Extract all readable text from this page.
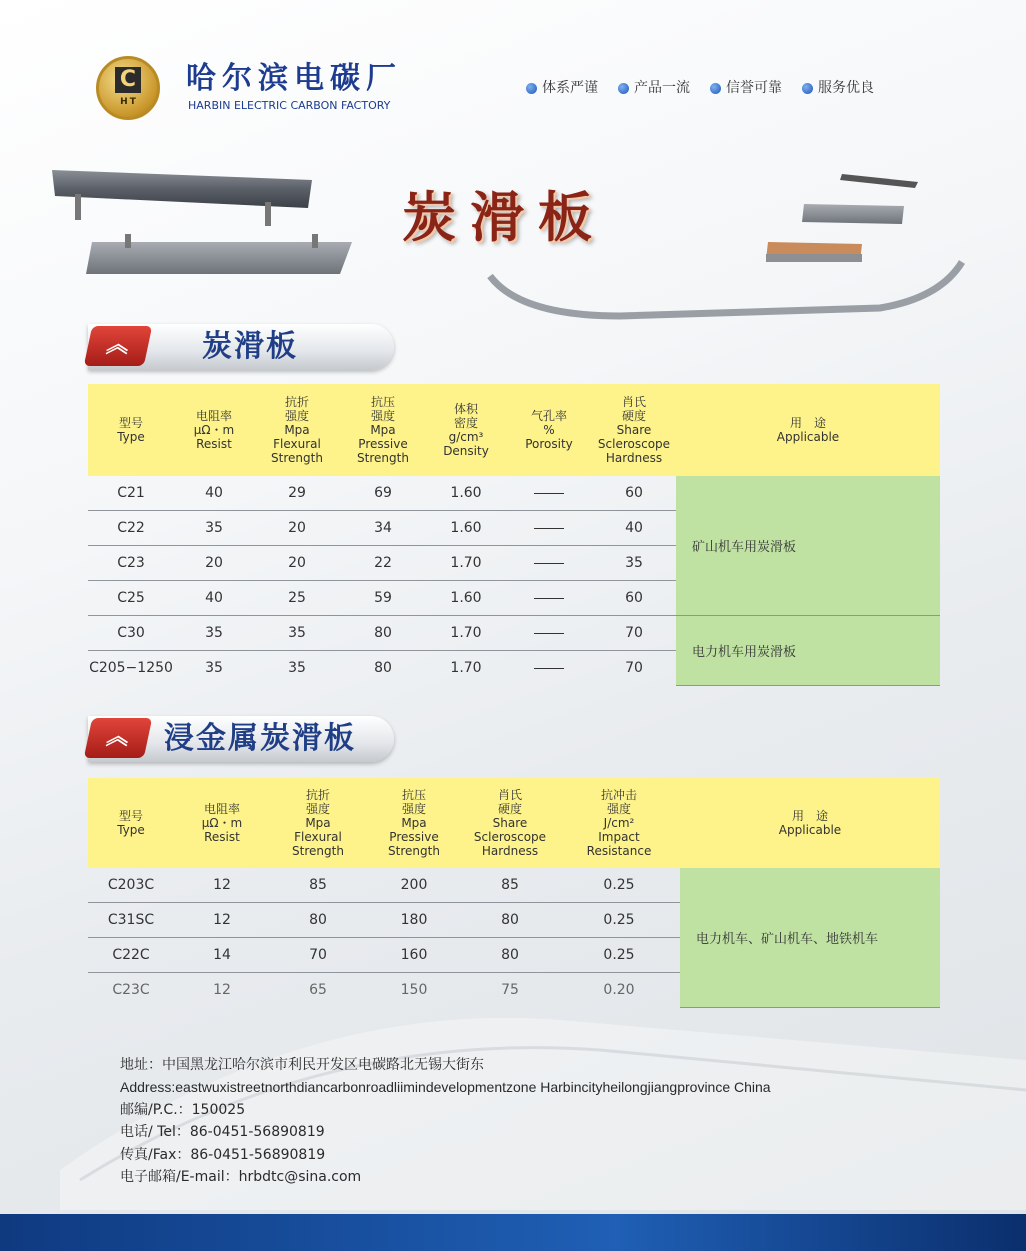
C
HT
哈尔滨电碳厂
HARBIN ELECTRIC CARBON FACTORY
体系严谨	产品一流	信誉可靠	服务优良
炭滑板
︽	炭滑板
型号
Type	电阻率
μΩ・m
Resist	抗折
强度
Mpa
Flexural
Strength	抗压
强度
Mpa
Pressive
Strength	体积
密度
g/cm³
Density	气孔率
%
Porosity	肖氏
硬度
Share
Scleroscope
Hardness	用　途
Applicable

C21	40	29	69	1.60		60	矿山机车用炭滑板
C22	35	20	34	1.60		40	
C23	20	20	22	1.70		35	
C25	40	25	59	1.60		60	
C30	35	35	80	1.70		70	电力机车用炭滑板
C205−1250	35	35	80	1.70		70	
︽	浸金属炭滑板
型号
Type	电阻率
μΩ・m
Resist	抗折
强度
Mpa
Flexural
Strength	抗压
强度
Mpa
Pressive
Strength	肖氏
硬度
Share
Scleroscope
Hardness	抗冲击
强度
J/cm²
Impact
Resistance	用　途
Applicable

C203C	12	85	200	85	0.25	电力机车、矿山机车、地铁机车
C31SC	12	80	180	80	0.25	
C22C	14	70	160	80	0.25	
C23C	12	65	150	75	0.20	
地址：中国黑龙江哈尔滨市利民开发区电碳路北无锡大街东
Address:eastwuxistreetnorthdiancarbonroadliimindevelopmentzone Harbincityheilongjiangprovince China
邮编/P.C.：150025
电话/ Tel：86-0451-56890819
传真/Fax：86-0451-56890819
电子邮箱/E-mail：hrbdtc@sina.com
